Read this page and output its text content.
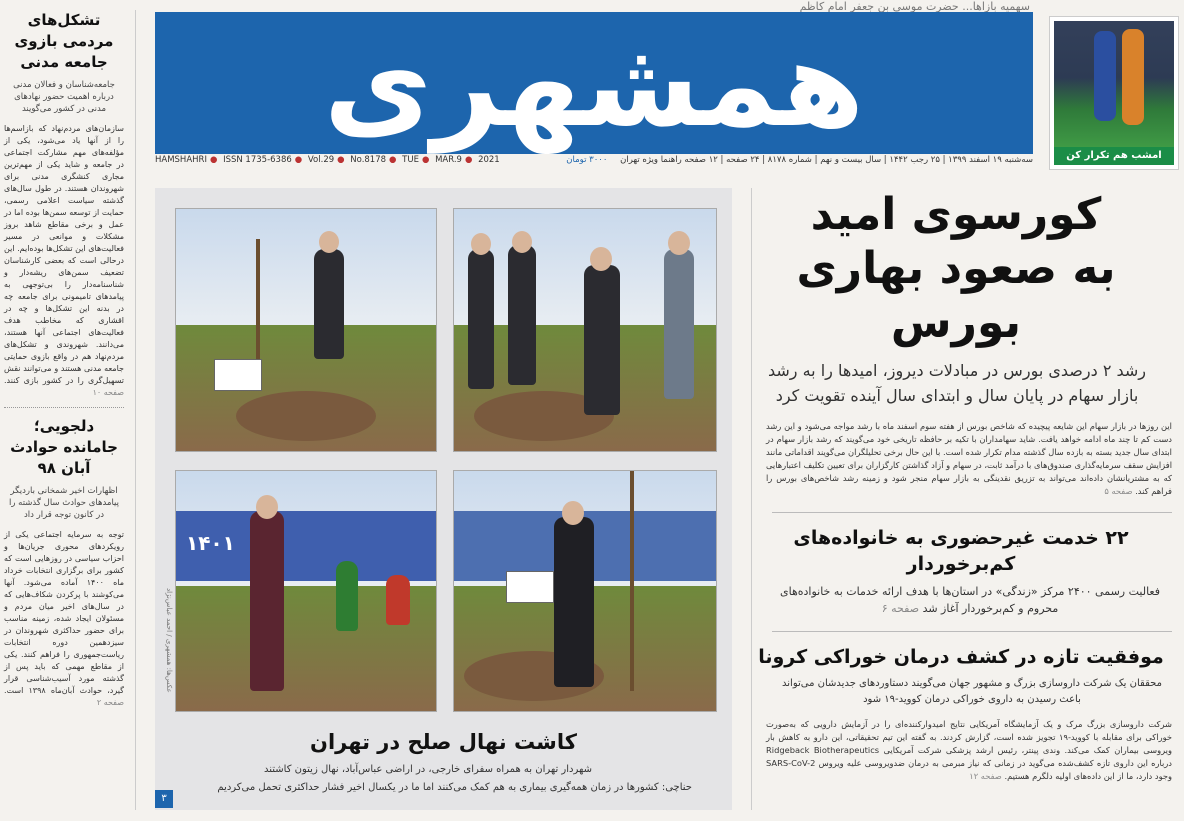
سهمیه بازاها... حضرت موسی بن جعفر امام کاظم
همشهری
HAMSHAHRI ● ISSN 1735-6386 ● Vol.29 ● No.8178 ● TUE ● MAR.9 ● 2021	سه‌شنبه ۱۹ اسفند ۱۳۹۹ | ۲۵ رجب ۱۴۴۲ | سال بیست و نهم | شماره ۸۱۷۸ | ۲۴ صفحه | ۱۲ صفحه راهنما ویژه تهران ۳۰۰۰ تومان	امشب هم تکرار کن
تشکل‌های مردمی بازوی جامعه مدنی

جامعه‌شناسان و فعالان مدنی درباره اهمیت حضور نهادهای مدنی در کشور می‌گویند

سازمان‌های مردم‌نهاد که بازاسم‌ها را از آنها یاد می‌شود، یکی از مؤلفه‌های مهم مشارکت اجتماعی در جامعه و شاید یکی از مهم‌ترین مجاری کنشگری مدنی برای شهروندان هستند. در طول سال‌های گذشته سیاست اعلامی رسمی، حمایت از توسعه سمن‌ها بوده اما در عمل و برخی مقاطع شاهد بروز مشکلات و موانعی در مسیر فعالیت‌های این تشکل‌ها بوده‌ایم. این درحالی است که بعضی کارشناسان تضعیف سمن‌های ریشه‌دار و شناسنامه‌دار را بی‌توجهی به پیامدهای تامیمونی برای جامعه چه در بدنه این تشکل‌ها و چه در اقشاری که مخاطب هدف فعالیت‌های اجتماعی آنها هستند، می‌دانند. شهروندی و تشکل‌های مردم‌نهاد هم در واقع بازوی حمایتی جامعه مدنی هستند و می‌توانند نقش تسهیل‌گری را در کشور بازی کنند. صفحه ۱۰

دلجویی؛ جامانده حوادث آبان ۹۸

اظهارات اخیر شمخانی باردیگر پیامدهای حوادث سال گذشته را در کانون توجه قرار داد

توجه به سرمایه اجتماعی یکی از رویکردهای محوری جریان‌ها و احزاب سیاسی در روزهایی است که کشور برای برگزاری انتخابات خرداد ماه ۱۴۰۰ آماده می‌شود. آنها می‌کوشند با پرکردن شکاف‌هایی که در سال‌های اخیر میان مردم و مسئولان ایجاد شده، زمینه مناسب برای حضور حداکثری شهروندان در سیزدهمین دوره انتخابات ریاست‌جمهوری را فراهم کنند. یکی از مقاطع مهمی که باید پس از گذشته مورد آسیب‌شناسی قرار گیرد، حوادث آبان‌ماه ۱۳۹۸ است. صفحه ۲

۱۴۰۱
عکس‌ها: همشهری / احمد عباس‌نژاد
کاشت نهال صلح در تهران
شهردار تهران به همراه سفرای خارجی، در اراضی عباس‌آباد، نهال زیتون کاشتند
حناچی: کشورها در زمان همه‌گیری بیماری به هم کمک می‌کنند اما ما در یکسال اخیر فشار حداکثری تحمل می‌کردیم
۳
کورسوی امید
به صعود بهاری بورس

رشد ۲ درصدی بورس در مبادلات دیروز، امیدها را به رشد بازار سهام در پایان سال و ابتدای سال آینده تقویت کرد

این روزها در بازار سهام این شایعه پیچیده که شاخص بورس از هفته سوم اسفند ماه با رشد مواجه می‌شود و این رشد دست کم تا چند ماه ادامه خواهد یافت. شاید سهامداران با تکیه بر حافظه تاریخی خود می‌گویند که رشد بازار سهام در ابتدای سال جدید بسته به بازده سال گذشته مدام تکرار شده است. با این حال برخی تحلیلگران می‌گویند اقداماتی مانند افزایش سقف سرمایه‌گذاری صندوق‌های با درآمد ثابت، در سهام و آزاد گذاشتن کارگزاران برای تعیین تکلیف اعتبارهایی که به مشتریانشان داده‌اند می‌تواند به تزریق نقدینگی به بازار سهام منجر شود و زمینه رشد شاخص‌های بورس را فراهم کند. صفحه ۵

۲۲ خدمت غیرحضوری به خانواده‌های کم‌برخوردار

فعالیت رسمی ۲۴۰۰ مرکز «زندگی» در استان‌ها با هدف ارائه خدمات به خانواده‌های محروم و کم‌برخوردار آغاز شد صفحه ۶

موفقیت تازه در کشف درمان خوراکی کرونا

محققان یک شرکت داروسازی بزرگ و مشهور جهان می‌گویند دستاوردهای جدیدشان می‌تواند باعث رسیدن به داروی خوراکی درمان کووید-۱۹ شود

شرکت داروسازی بزرگ مرک و یک آزمایشگاه آمریکایی نتایج امیدوارکننده‌ای را در آزمایش دارویی که به‌صورت خوراکی برای مقابله با کووید-۱۹ تجویز شده است، گزارش کردند. به گفته این تیم تحقیقاتی، این دارو به کاهش بار ویروسی بیماران کمک می‌کند. وندی پینتر، رئیس ارشد پزشکی شرکت آمریکایی Ridgeback Biotherapeutics درباره این داروی تازه کشف‌شده می‌گوید در زمانی که نیاز مبرمی به درمان ضدویروسی علیه ویروس SARS-CoV-2 وجود دارد، ما از این داده‌های اولیه دلگرم هستیم. صفحه ۱۲
